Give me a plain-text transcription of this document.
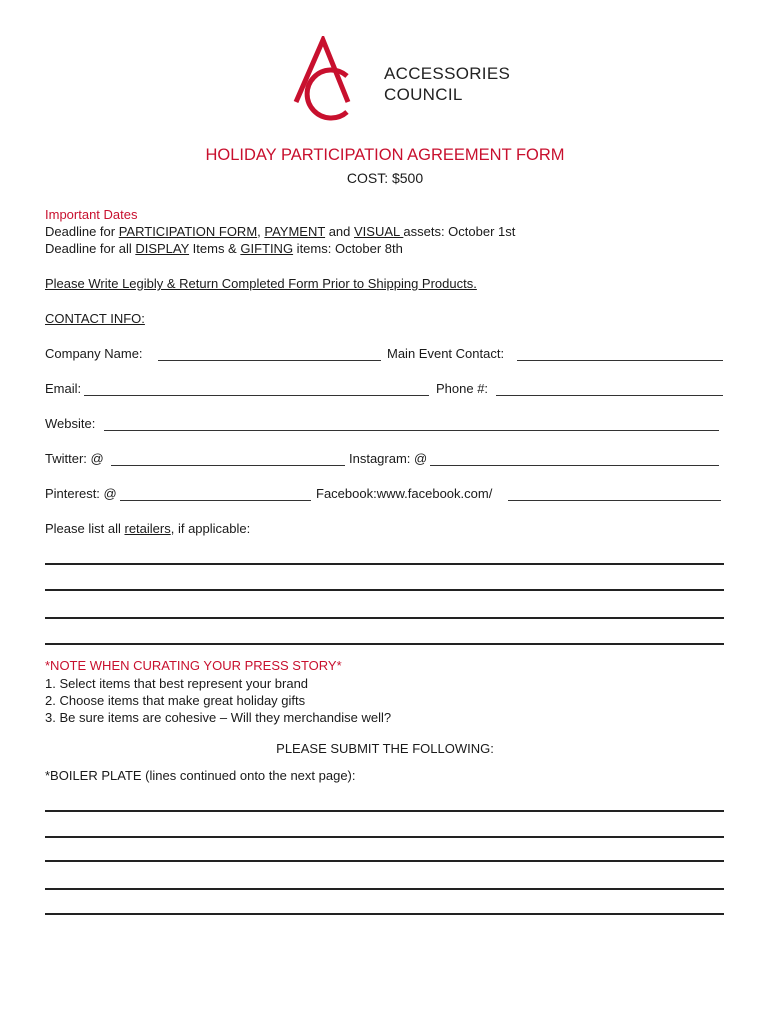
ACCESSORIES
COUNCIL
HOLIDAY PARTICIPATION AGREEMENT FORM
COST: $500
Important Dates
Deadline for PARTICIPATION FORM, PAYMENT and VISUAL assets: October 1st
Deadline for all DISPLAY Items & GIFTING items: October 8th
Please Write Legibly & Return Completed Form Prior to Shipping Products.
CONTACT INFO:
Company Name:	Main Event Contact:
Email:	Phone #:
Website:
Twitter: @	Instagram: @
Pinterest: @	Facebook:www.facebook.com/
Please list all retailers, if applicable:
*NOTE WHEN CURATING YOUR PRESS STORY*
1. Select items that best represent your brand
2. Choose items that make great holiday gifts
3. Be sure items are cohesive – Will they merchandise well?
PLEASE SUBMIT THE FOLLOWING:
*BOILER PLATE (lines continued onto the next page):
